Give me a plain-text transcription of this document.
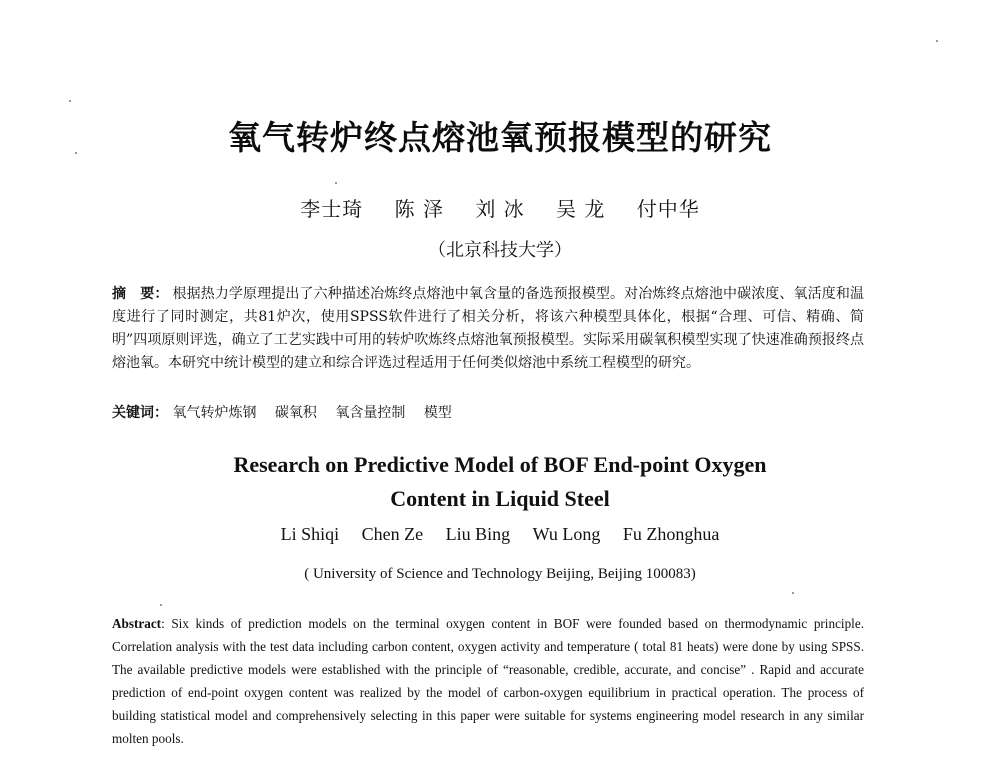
氧气转炉终点熔池氧预报模型的研究
李士琦 陈 泽 刘 冰 吴 龙 付中华
（北京科技大学）
摘　要： 根据热力学原理提出了六种描述冶炼终点熔池中氧含量的备选预报模型。对冶炼终点熔池中碳浓度、氧活度和温度进行了同时测定，共81炉次，使用SPSS软件进行了相关分析，将该六种模型具体化，根据“合理、可信、精确、简明”四项原则评选，确立了工艺实践中可用的转炉吹炼终点熔池氧预报模型。实际采用碳氧积模型实现了快速准确预报终点熔池氧。本研究中统计模型的建立和综合评选过程适用于任何类似熔池中系统工程模型的研究。
关键词： 氧气转炉炼钢 碳氧积 氧含量控制 模型
Research on Predictive Model of BOF End-point Oxygen
Content in Liquid Steel
Li Shiqi Chen Ze Liu Bing Wu Long Fu Zhonghua
( University of Science and Technology Beijing, Beijing 100083)
Abstract: Six kinds of prediction models on the terminal oxygen content in BOF were founded based on thermodynamic principle. Correlation analysis with the test data including carbon content, oxygen activity and temperature ( total 81 heats) were done by using SPSS. The available predictive models were established with the principle of “reasonable, credible, accurate, and concise” . Rapid and accurate prediction of end-point oxygen content was realized by the model of carbon-oxygen equilibrium in practical operation. The process of building statistical model and comprehensively selecting in this paper were suitable for systems engineering model research in any similar molten pools.
